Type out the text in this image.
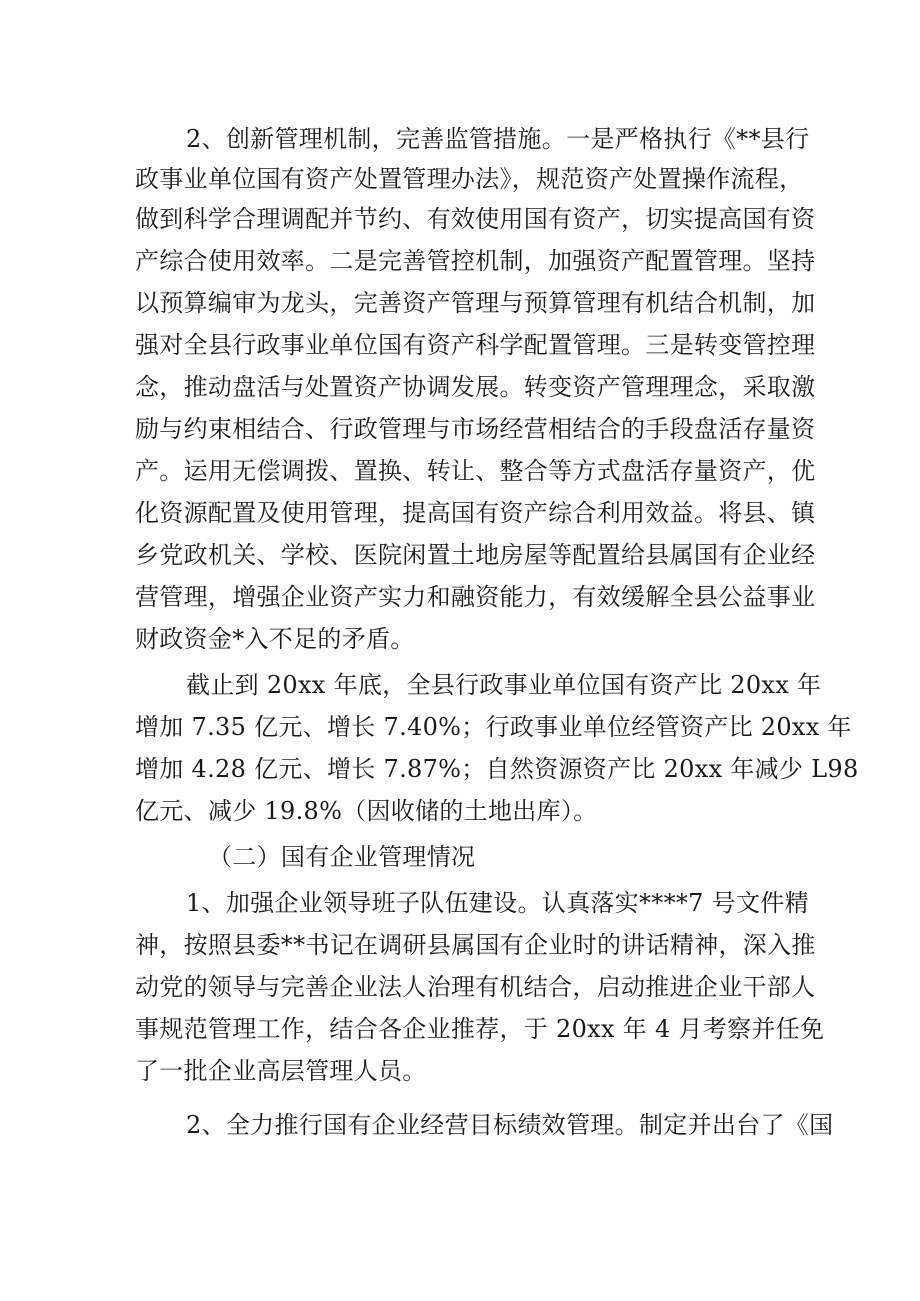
2、创新管理机制，完善监管措施。一是严格执行《**县行
政事业单位国有资产处置管理办法》，规范资产处置操作流程，
做到科学合理调配并节约、有效使用国有资产，切实提高国有资
产综合使用效率。二是完善管控机制，加强资产配置管理。坚持
以预算编审为龙头，完善资产管理与预算管理有机结合机制，加
强对全县行政事业单位国有资产科学配置管理。三是转变管控理
念，推动盘活与处置资产协调发展。转变资产管理理念，采取激
励与约束相结合、行政管理与市场经营相结合的手段盘活存量资
产。运用无偿调拨、置换、转让、整合等方式盘活存量资产，优
化资源配置及使用管理，提高国有资产综合利用效益。将县、镇
乡党政机关、学校、医院闲置土地房屋等配置给县属国有企业经
营管理，增强企业资产实力和融资能力，有效缓解全县公益事业
财政资金*入不足的矛盾。
截止到 20xx 年底，全县行政事业单位国有资产比 20xx 年
增加 7.35 亿元、增长 7.40%；行政事业单位经管资产比 20xx 年
增加 4.28 亿元、增长 7.87%；自然资源资产比 20xx 年减少 L98
亿元、减少 19.8%（因收储的土地出库）。
（二）国有企业管理情况
1、加强企业领导班子队伍建设。认真落实****7 号文件精
神，按照县委**书记在调研县属国有企业时的讲话精神，深入推
动党的领导与完善企业法人治理有机结合，启动推进企业干部人
事规范管理工作，结合各企业推荐，于 20xx 年 4 月考察并任免
了一批企业高层管理人员。
2、全力推行国有企业经营目标绩效管理。制定并出台了《国
